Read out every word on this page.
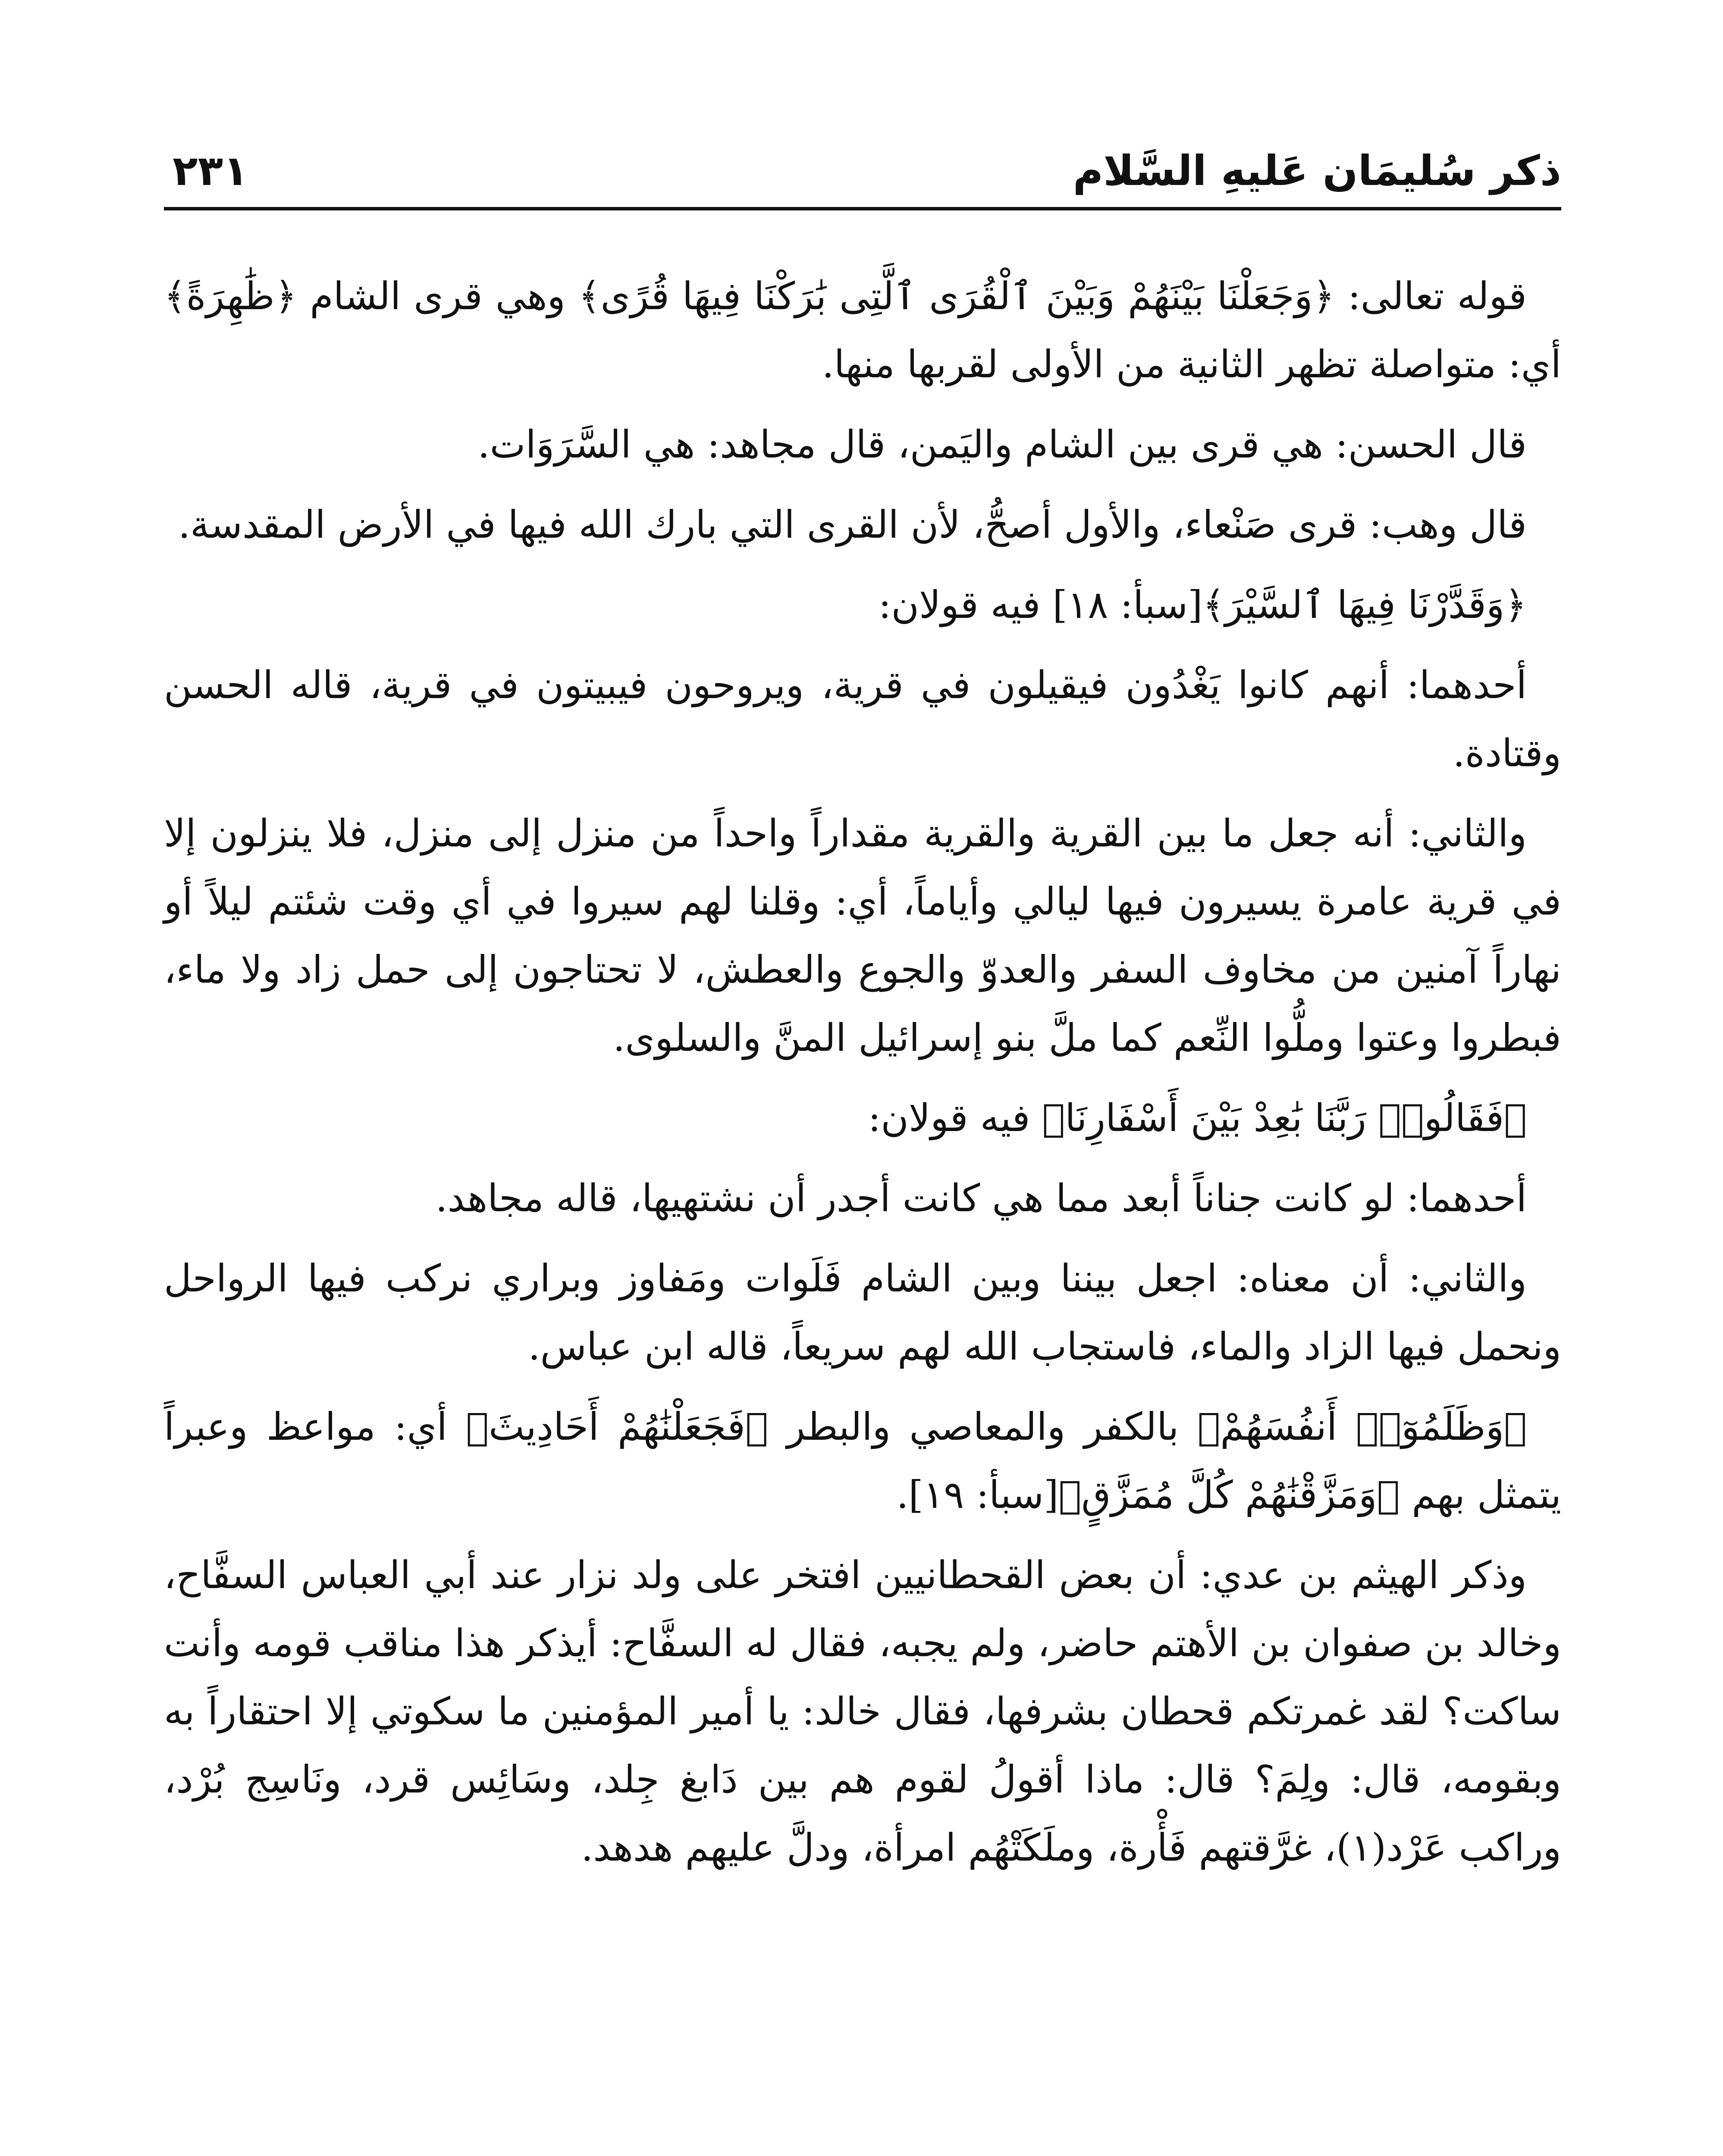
ذكر سُليمَان عَليهِ السَّلام
٢٣١

قوله تعالى: ﴿وَجَعَلْنَا بَيْنَهُمْ وَبَيْنَ ٱلْقُرَى ٱلَّتِى بَٰرَكْنَا فِيهَا قُرًى﴾ وهي قرى الشام ﴿ظَٰهِرَةً﴾ أي: متواصلة تظهر الثانية من الأولى لقربها منها.

قال الحسن: هي قرى بين الشام واليَمن، قال مجاهد: هي السَّرَوَات.

قال وهب: قرى صَنْعاء، والأول أصحُّ، لأن القرى التي بارك الله فيها في الأرض المقدسة.

﴿وَقَدَّرْنَا فِيهَا ٱلسَّيْرَ﴾[سبأ: ١٨] فيه قولان:

أحدهما: أنهم كانوا يَغْدُون فيقيلون في قرية، ويروحون فيبيتون في قرية، قاله الحسن وقتادة.

والثاني: أنه جعل ما بين القرية والقرية مقداراً واحداً من منزل إلى منزل، فلا ينزلون إلا في قرية عامرة يسيرون فيها ليالي وأياماً، أي: وقلنا لهم سيروا في أي وقت شئتم ليلاً أو نهاراً آمنين من مخاوف السفر والعدوّ والجوع والعطش، لا تحتاجون إلى حمل زاد ولا ماء، فبطروا وعتوا وملُّوا النِّعم كما ملَّ بنو إسرائيل المنَّ والسلوى.

﴿فَقَالُوا۟ رَبَّنَا بَٰعِدْ بَيْنَ أَسْفَارِنَا﴾ فيه قولان:

أحدهما: لو كانت جناناً أبعد مما هي كانت أجدر أن نشتهيها، قاله مجاهد.

والثاني: أن معناه: اجعل بيننا وبين الشام فَلَوات ومَفاوز وبراري نركب فيها الرواحل ونحمل فيها الزاد والماء، فاستجاب الله لهم سريعاً، قاله ابن عباس.

﴿وَظَلَمُوٓا۟ أَنفُسَهُمْ﴾ بالكفر والمعاصي والبطر ﴿فَجَعَلْنَٰهُمْ أَحَادِيثَ﴾ أي: مواعظ وعبراً يتمثل بهم ﴿وَمَزَّقْنَٰهُمْ كُلَّ مُمَزَّقٍ﴾[سبأ: ١٩].

وذكر الهيثم بن عدي: أن بعض القحطانيين افتخر على ولد نزار عند أبي العباس السفَّاح، وخالد بن صفوان بن الأهتم حاضر، ولم يجبه، فقال له السفَّاح: أيذكر هذا مناقب قومه وأنت ساكت؟ لقد غمرتكم قحطان بشرفها، فقال خالد: يا أمير المؤمنين ما سكوتي إلا احتقاراً به وبقومه، قال: ولِمَ؟ قال: ماذا أقولُ لقوم هم بين دَابغ جِلد، وسَائِس قرد، ونَاسِج بُرْد، وراكب عَرْد(١)، غرَّقتهم فَأْرة، وملَكَتْهُم امرأة، ودلَّ عليهم هدهد.
